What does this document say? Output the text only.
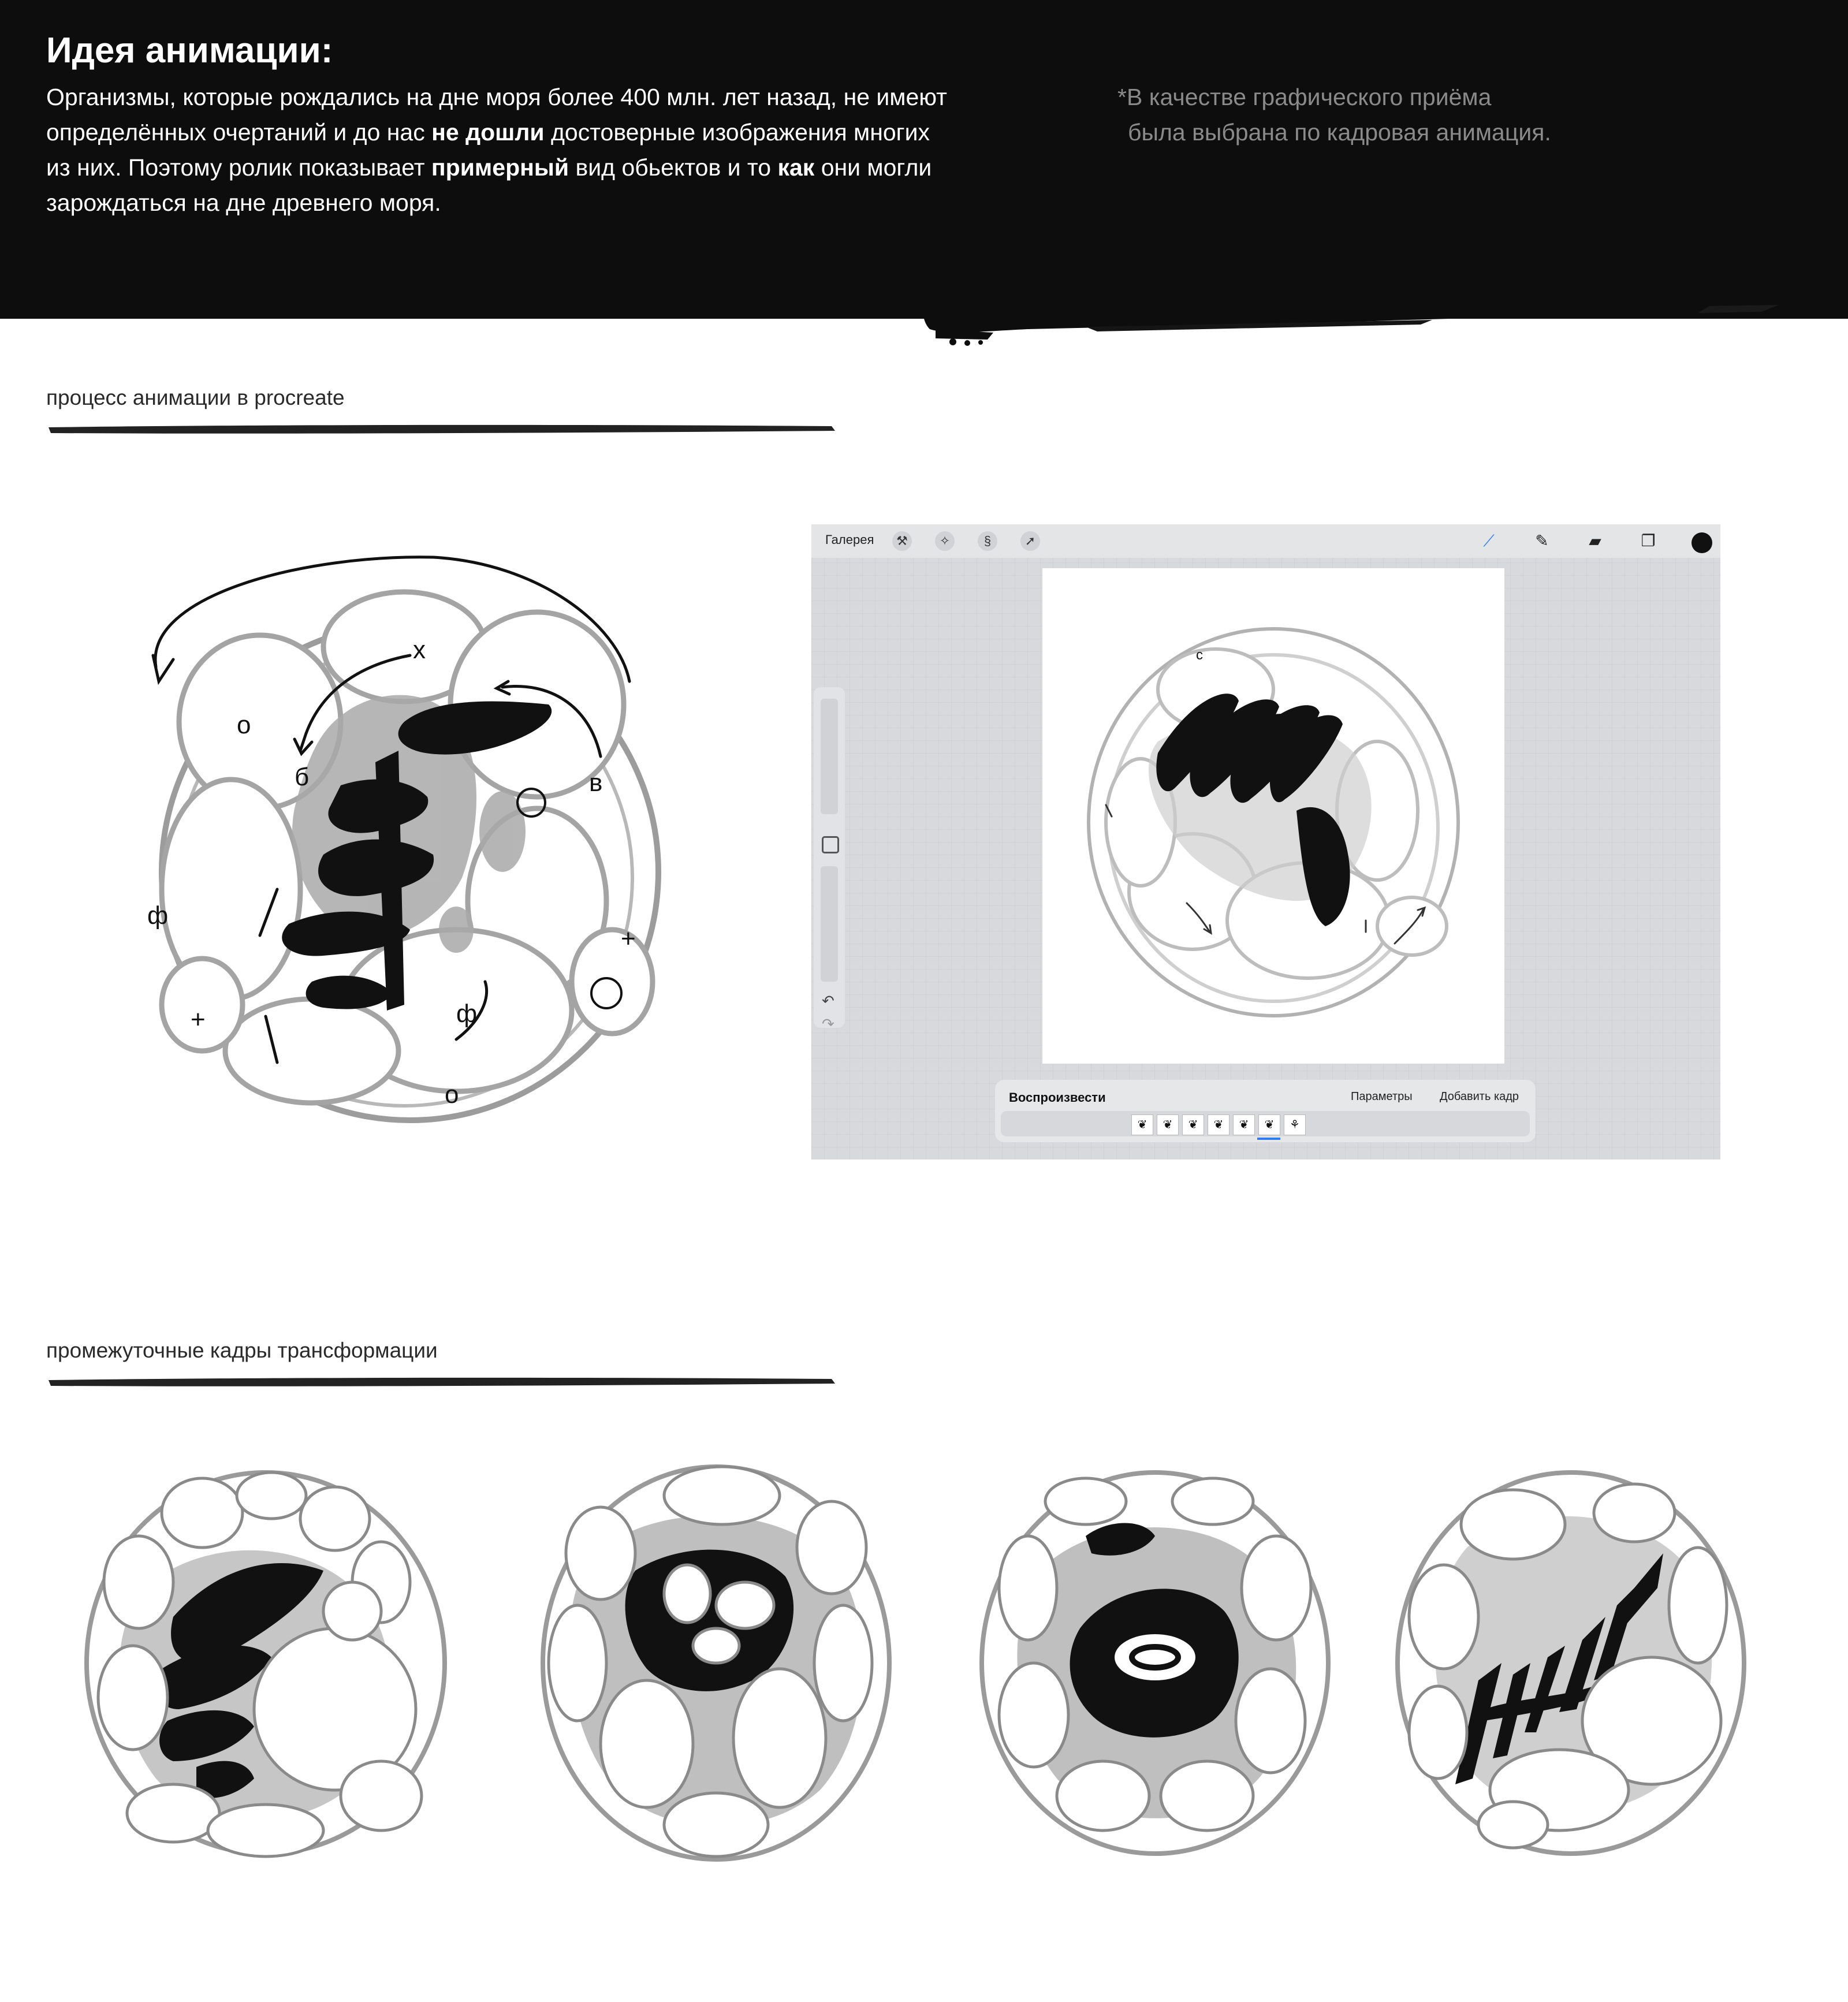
Идея анимации:

Организмы, которые рождались на дне моря более 400 млн. лет назад, не имеют определённых очертаний и до нас не дошли достоверные изображения многих из них. Поэтому ролик показывает примерный вид обьектов и то как они могли зарождаться на дне древнего моря.

*В качестве графического приёма
была выбрана по кадровая анимация.

процесс анимации в procreate

о
б
х
в
ф
+	ф
о
+
Галерея	⚒	✧	§	➚	⟋	✎ ▰ ❐
↶
↷
с
Воспроизвести	Параметры Добавить кадр
❦	❦	❦	❦	❦	❦	⚘

промежуточные кадры трансформации
